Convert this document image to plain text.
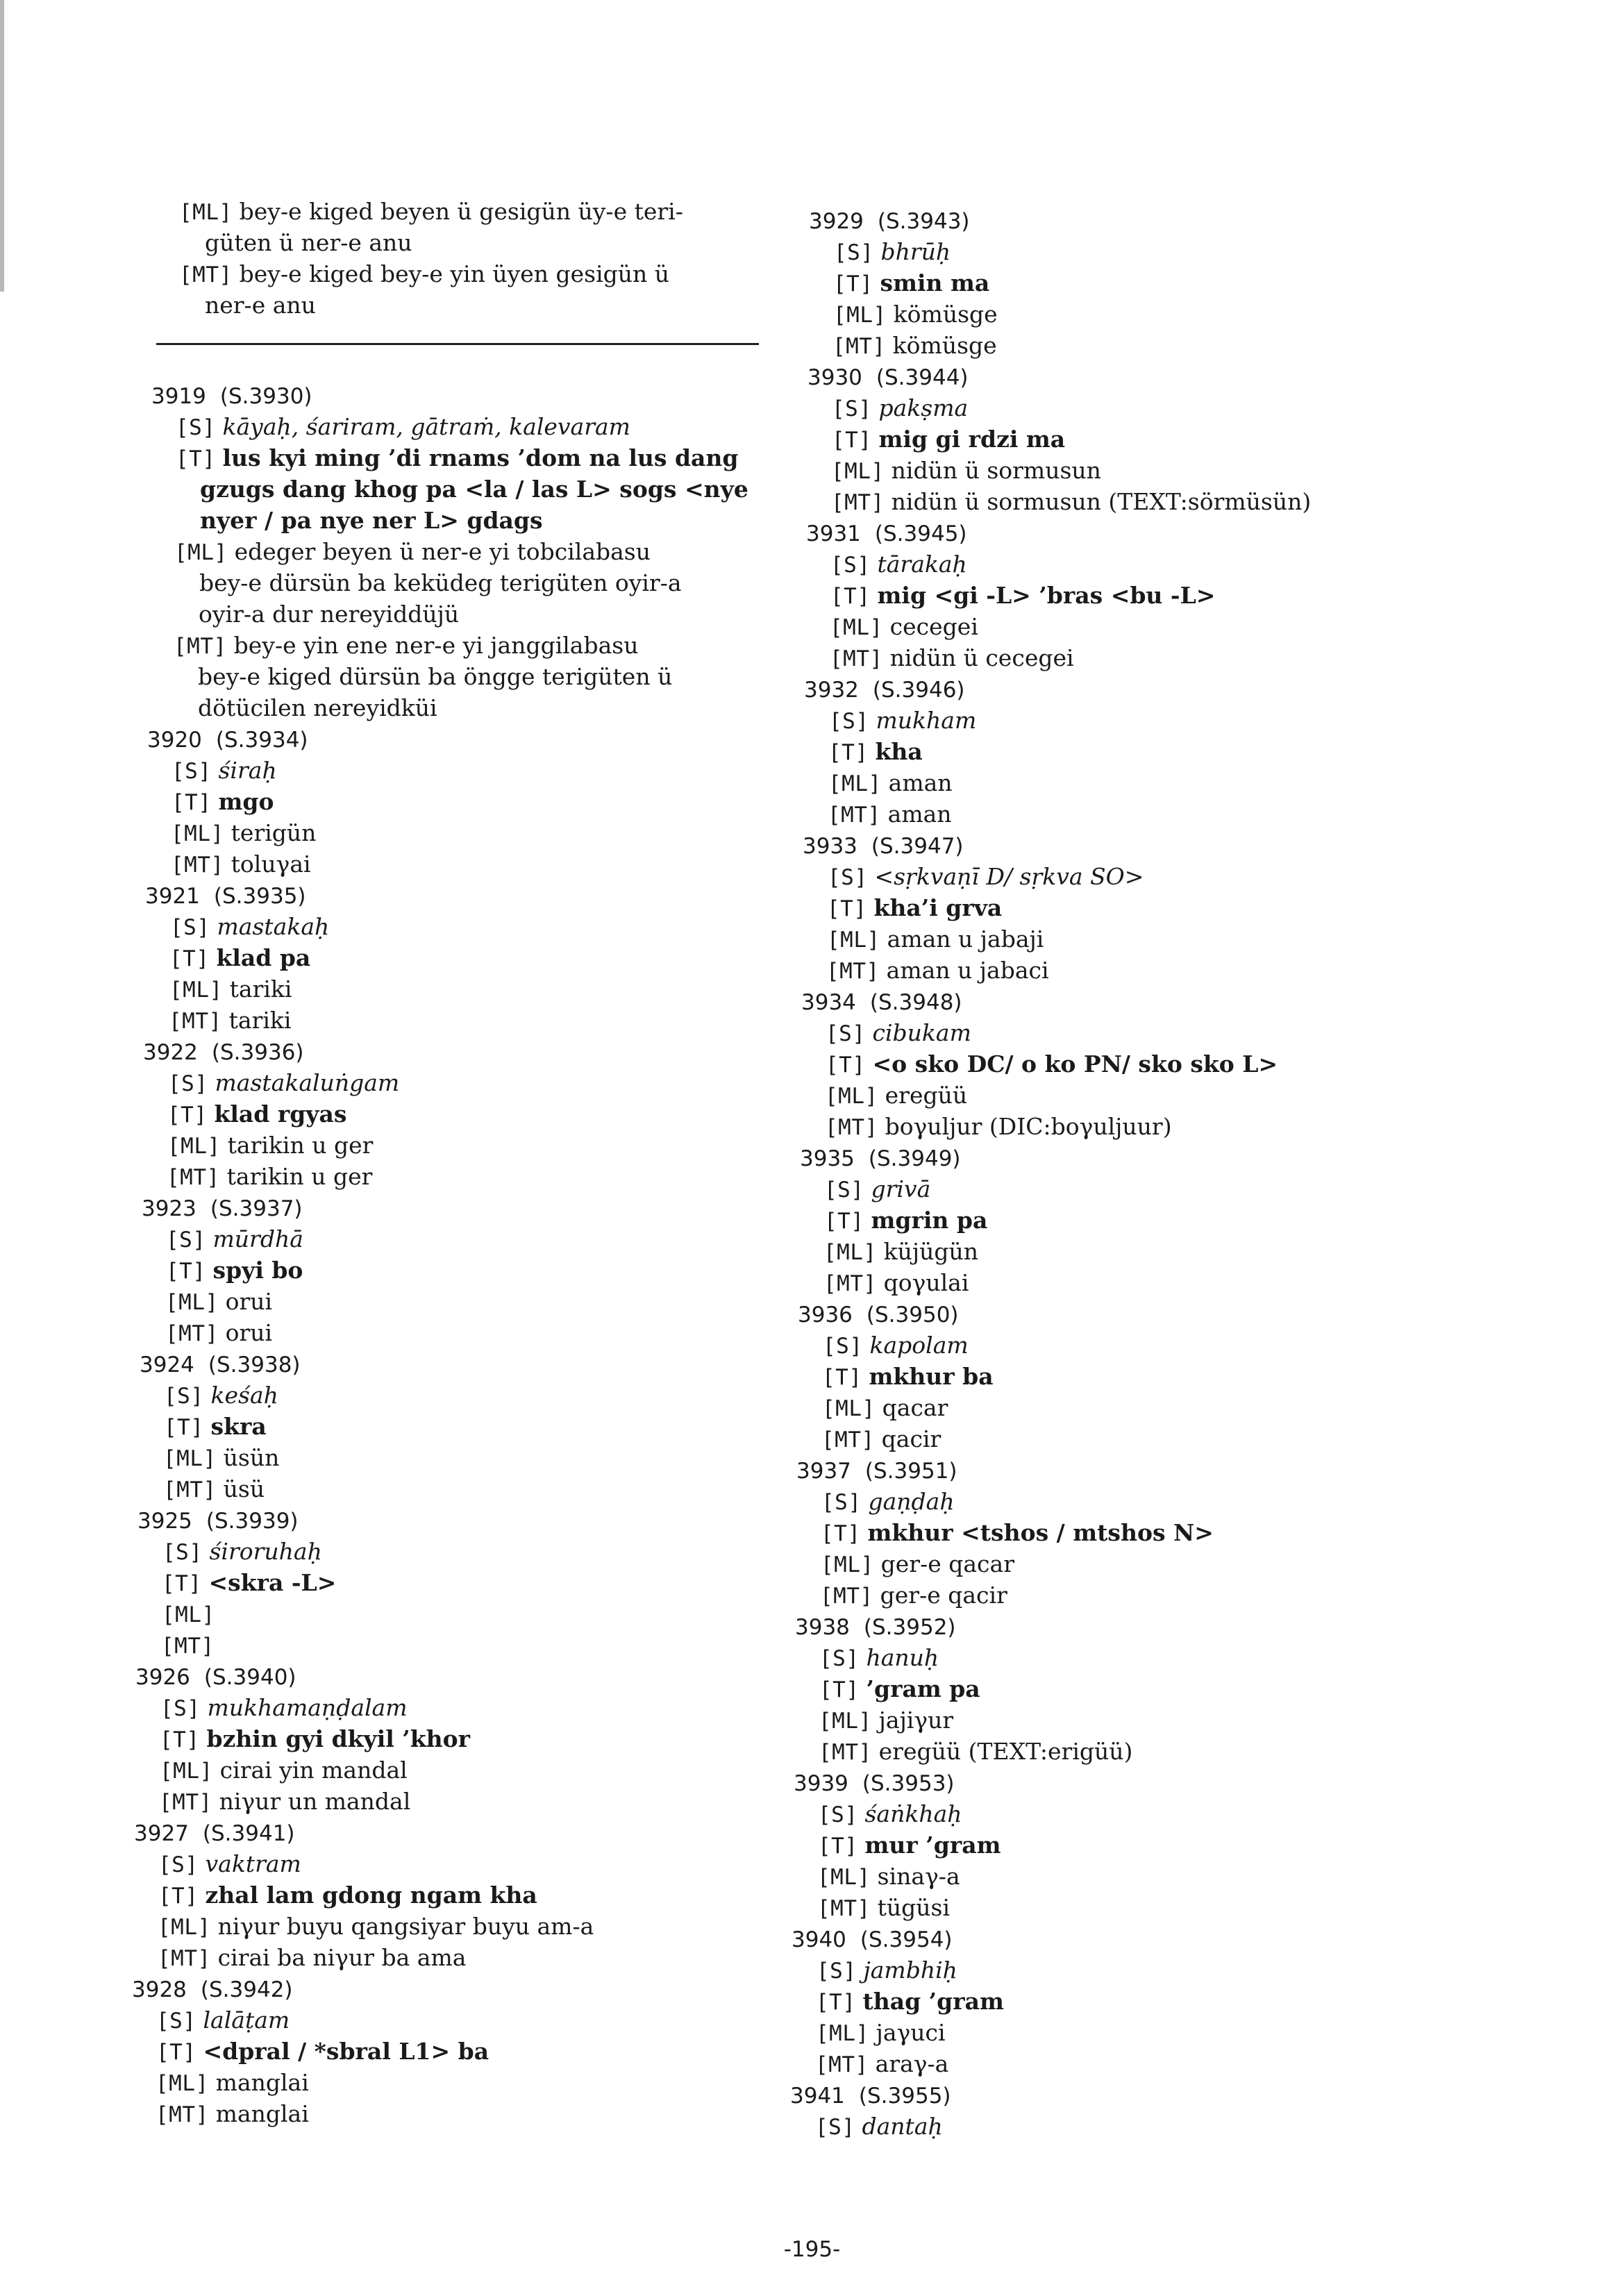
[ML] bey-e kiged beyen ü gesigün üy-e teri-
güten ü ner-e anu
[MT] bey-e kiged bey-e yin üyen gesigün ü
ner-e anu
3919 (S.3930)
[S] kāyaḥ, śariram, gātraṁ, kalevaram
[T] lus kyi ming ’di rnams ’dom na lus dang
gzugs dang khog pa <la / las L> sogs <nye
nyer / pa nye ner L> gdags
[ML] edeger beyen ü ner-e yi tobcilabasu
bey-e dürsün ba keküdeg terigüten oyir-a
oyir-a dur nereyiddüjü
[MT] bey-e yin ene ner-e yi janggilabasu
bey-e kiged dürsün ba öngge terigüten ü
dötücilen nereyidküi
3920 (S.3934)
[S] śiraḥ
[T] mgo
[ML] terigün
[MT] toluγai
3921 (S.3935)
[S] mastakaḥ
[T] klad pa
[ML] tariki
[MT] tariki
3922 (S.3936)
[S] mastakaluṅgam
[T] klad rgyas
[ML] tarikin u ger
[MT] tarikin u ger
3923 (S.3937)
[S] mūrdhā
[T] spyi bo
[ML] orui
[MT] orui
3924 (S.3938)
[S] keśaḥ
[T] skra
[ML] üsün
[MT] üsü
3925 (S.3939)
[S] śiroruhaḥ
[T] <skra -L>
[ML]
[MT]
3926 (S.3940)
[S] mukhamaṇḍalam
[T] bzhin gyi dkyil ’khor
[ML] cirai yin mandal
[MT] niγur un mandal
3927 (S.3941)
[S] vaktram
[T] zhal lam gdong ngam kha
[ML] niγur buyu qangsiyar buyu am-a
[MT] cirai ba niγur ba ama
3928 (S.3942)
[S] lalāṭam
[T] <dpral / *sbral L1> ba
[ML] manglai
[MT] manglai
3929 (S.3943)
[S] bhrūḥ
[T] smin ma
[ML] kömüsge
[MT] kömüsge
3930 (S.3944)
[S] pakṣma
[T] mig gi rdzi ma
[ML] nidün ü sormusun
[MT] nidün ü sormusun (TEXT:sörmüsün)
3931 (S.3945)
[S] tārakaḥ
[T] mig <gi -L> ’bras <bu -L>
[ML] cecegei
[MT] nidün ü cecegei
3932 (S.3946)
[S] mukham
[T] kha
[ML] aman
[MT] aman
3933 (S.3947)
[S] <sṛkvaṇī D/ sṛkva SO>
[T] kha’i grva
[ML] aman u jabaji
[MT] aman u jabaci
3934 (S.3948)
[S] cibukam
[T] <o sko DC/ o ko PN/ sko sko L>
[ML] eregüü
[MT] boγuljur (DIC:boγuljuur)
3935 (S.3949)
[S] grivā
[T] mgrin pa
[ML] küjügün
[MT] qoγulai
3936 (S.3950)
[S] kapolam
[T] mkhur ba
[ML] qacar
[MT] qacir
3937 (S.3951)
[S] gaṇḍaḥ
[T] mkhur <tshos / mtshos N>
[ML] ger-e qacar
[MT] ger-e qacir
3938 (S.3952)
[S] hanuḥ
[T] ’gram pa
[ML] jajiγur
[MT] eregüü (TEXT:erigüü)
3939 (S.3953)
[S] śaṅkhaḥ
[T] mur ’gram
[ML] sinaγ-a
[MT] tügüsi
3940 (S.3954)
[S] jambhiḥ
[T] thag ’gram
[ML] jaγuci
[MT] araγ-a
3941 (S.3955)
[S] dantaḥ
-195-
